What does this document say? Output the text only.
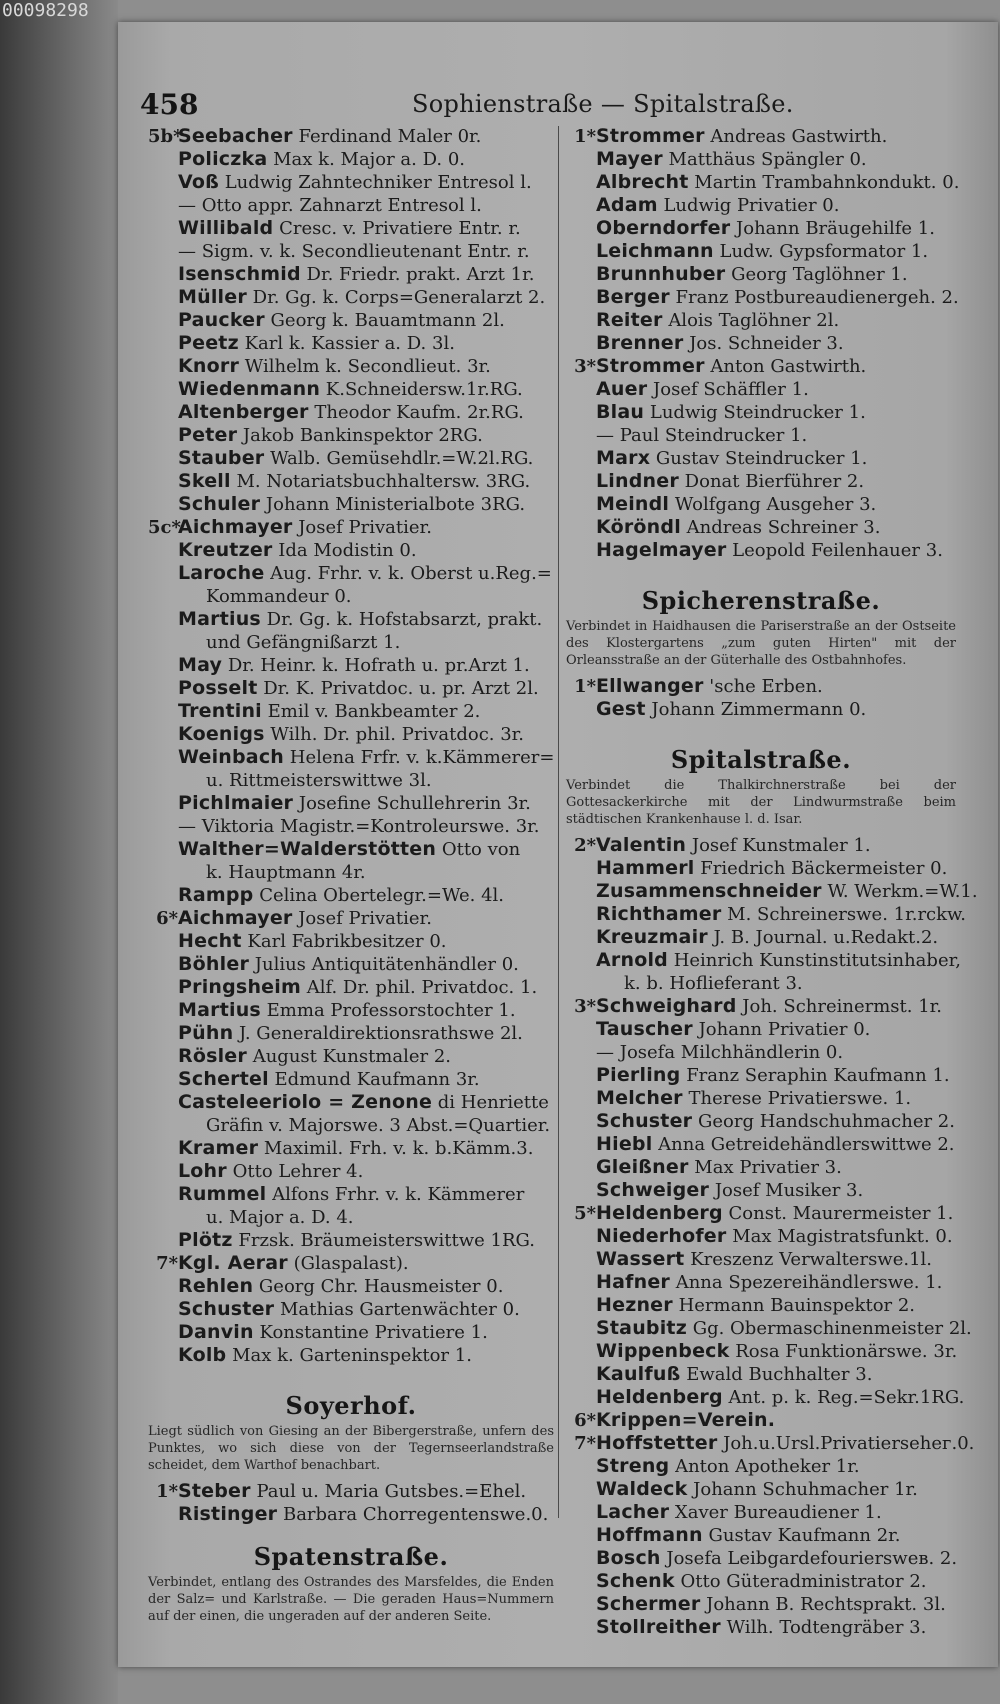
00098298
458	Sophienstraße — Spitalstraße.
5b*Seebacher Ferdinand Maler 0r.
Policzka Max k. Major a. D. 0.
Voß Ludwig Zahntechniker Entresol l.
— Otto appr. Zahnarzt Entresol l.
Willibald Cresc. v. Privatiere Entr. r.
— Sigm. v. k. Secondlieutenant Entr. r.
Isenschmid Dr. Friedr. prakt. Arzt 1r.
Müller Dr. Gg. k. Corps=Generalarzt 2.
Paucker Georg k. Bauamtmann 2l.
Peetz Karl k. Kassier a. D. 3l.
Knorr Wilhelm k. Secondlieut. 3r.
Wiedenmann K.Schneidersw.1r.RG.
Altenberger Theodor Kaufm. 2r.RG.
Peter Jakob Bankinspektor 2RG.
Stauber Walb. Gemüsehdlr.=W.2l.RG.
Skell M. Notariatsbuchhaltersw. 3RG.
Schuler Johann Ministerialbote 3RG.
5c*Aichmayer Josef Privatier.
Kreutzer Ida Modistin 0.
Laroche Aug. Frhr. v. k. Oberst u.Reg.=
Kommandeur 0.
Martius Dr. Gg. k. Hofstabsarzt, prakt.
und Gefängnißarzt 1.
May Dr. Heinr. k. Hofrath u. pr.Arzt 1.
Posselt Dr. K. Privatdoc. u. pr. Arzt 2l.
Trentini Emil v. Bankbeamter 2.
Koenigs Wilh. Dr. phil. Privatdoc. 3r.
Weinbach Helena Frfr. v. k.Kämmerer=
u. Rittmeisterswittwe 3l.
Pichlmaier Josefine Schullehrerin 3r.
— Viktoria Magistr.=Kontroleurswe. 3r.
Walther=Walderstötten Otto von
k. Hauptmann 4r.
Rampp Celina Obertelegr.=We. 4l.
6*Aichmayer Josef Privatier.
Hecht Karl Fabrikbesitzer 0.
Böhler Julius Antiquitätenhändler 0.
Pringsheim Alf. Dr. phil. Privatdoc. 1.
Martius Emma Professorstochter 1.
Pühn J. Generaldirektionsrathswe 2l.
Rösler August Kunstmaler 2.
Schertel Edmund Kaufmann 3r.
Casteleeriolo = Zenone di Henriette
Gräfin v. Majorswe. 3 Abst.=Quartier.
Kramer Maximil. Frh. v. k. b.Kämm.3.
Lohr Otto Lehrer 4.
Rummel Alfons Frhr. v. k. Kämmerer
u. Major a. D. 4.
Plötz Frzsk. Bräumeisterswittwe 1RG.
7*Kgl. Aerar (Glaspalast).
Rehlen Georg Chr. Hausmeister 0.
Schuster Mathias Gartenwächter 0.
Danvin Konstantine Privatiere 1.
Kolb Max k. Garteninspektor 1.
Soyerhof.
Liegt südlich von Giesing an der Bibergerstraße, unfern des Punktes, wo sich diese von der Tegernseerlandstraße scheidet, dem Warthof benachbart.
1*Steber Paul u. Maria Gutsbes.=Ehel.
Ristinger Barbara Chorregentenswe.0.
Spatenstraße.
Verbindet, entlang des Ostrandes des Marsfeldes, die Enden der Salz= und Karlstraße. — Die geraden Haus=Nummern auf der einen, die ungeraden auf der anderen Seite.
1*Strommer Andreas Gastwirth.
Mayer Matthäus Spängler 0.
Albrecht Martin Trambahnkondukt. 0.
Adam Ludwig Privatier 0.
Oberndorfer Johann Bräugehilfe 1.
Leichmann Ludw. Gypsformator 1.
Brunnhuber Georg Taglöhner 1.
Berger Franz Postbureaudienergeh. 2.
Reiter Alois Taglöhner 2l.
Brenner Jos. Schneider 3.
3*Strommer Anton Gastwirth.
Auer Josef Schäffler 1.
Blau Ludwig Steindrucker 1.
— Paul Steindrucker 1.
Marx Gustav Steindrucker 1.
Lindner Donat Bierführer 2.
Meindl Wolfgang Ausgeher 3.
Köröndl Andreas Schreiner 3.
Hagelmayer Leopold Feilenhauer 3.
Spicherenstraße.
Verbindet in Haidhausen die Pariserstraße an der Ostseite des Klostergartens „zum guten Hirten" mit der Orleansstraße an der Güterhalle des Ostbahnhofes.
1*Ellwanger 'sche Erben.
Gest Johann Zimmermann 0.
Spitalstraße.
Verbindet die Thalkirchnerstraße bei der Gottesackerkirche mit der Lindwurmstraße beim städtischen Krankenhause l. d. Isar.
2*Valentin Josef Kunstmaler 1.
Hammerl Friedrich Bäckermeister 0.
Zusammenschneider W. Werkm.=W.1.
Richthamer M. Schreinerswe. 1r.rckw.
Kreuzmair J. B. Journal. u.Redakt.2.
Arnold Heinrich Kunstinstitutsinhaber,
k. b. Hoflieferant 3.
3*Schweighard Joh. Schreinermst. 1r.
Tauscher Johann Privatier 0.
— Josefa Milchhändlerin 0.
Pierling Franz Seraphin Kaufmann 1.
Melcher Therese Privatierswe. 1.
Schuster Georg Handschuhmacher 2.
Hiebl Anna Getreidehändlerswittwe 2.
Gleißner Max Privatier 3.
Schweiger Josef Musiker 3.
5*Heldenberg Const. Maurermeister 1.
Niederhofer Max Magistratsfunkt. 0.
Wassert Kreszenz Verwalterswe.1l.
Hafner Anna Spezereihändlerswe. 1.
Hezner Hermann Bauinspektor 2.
Staubitz Gg. Obermaschinenmeister 2l.
Wippenbeck Rosa Funktionärswe. 3r.
Kaulfuß Ewald Buchhalter 3.
Heldenberg Ant. p. k. Reg.=Sekr.1RG.
6*Krippen=Verein.
7*Hoffstetter Joh.u.Ursl.Privatiersehег.0.
Streng Anton Apotheker 1r.
Waldeck Johann Schuhmacher 1r.
Lacher Xaver Bureaudiener 1.
Hoffmann Gustav Kaufmann 2r.
Bosch Josefa Leibgardefouriersweв. 2.
Schenk Otto Güteradministrator 2.
Schermer Johann B. Rechtsprakt. 3l.
Stollreither Wilh. Todtengräber 3.
